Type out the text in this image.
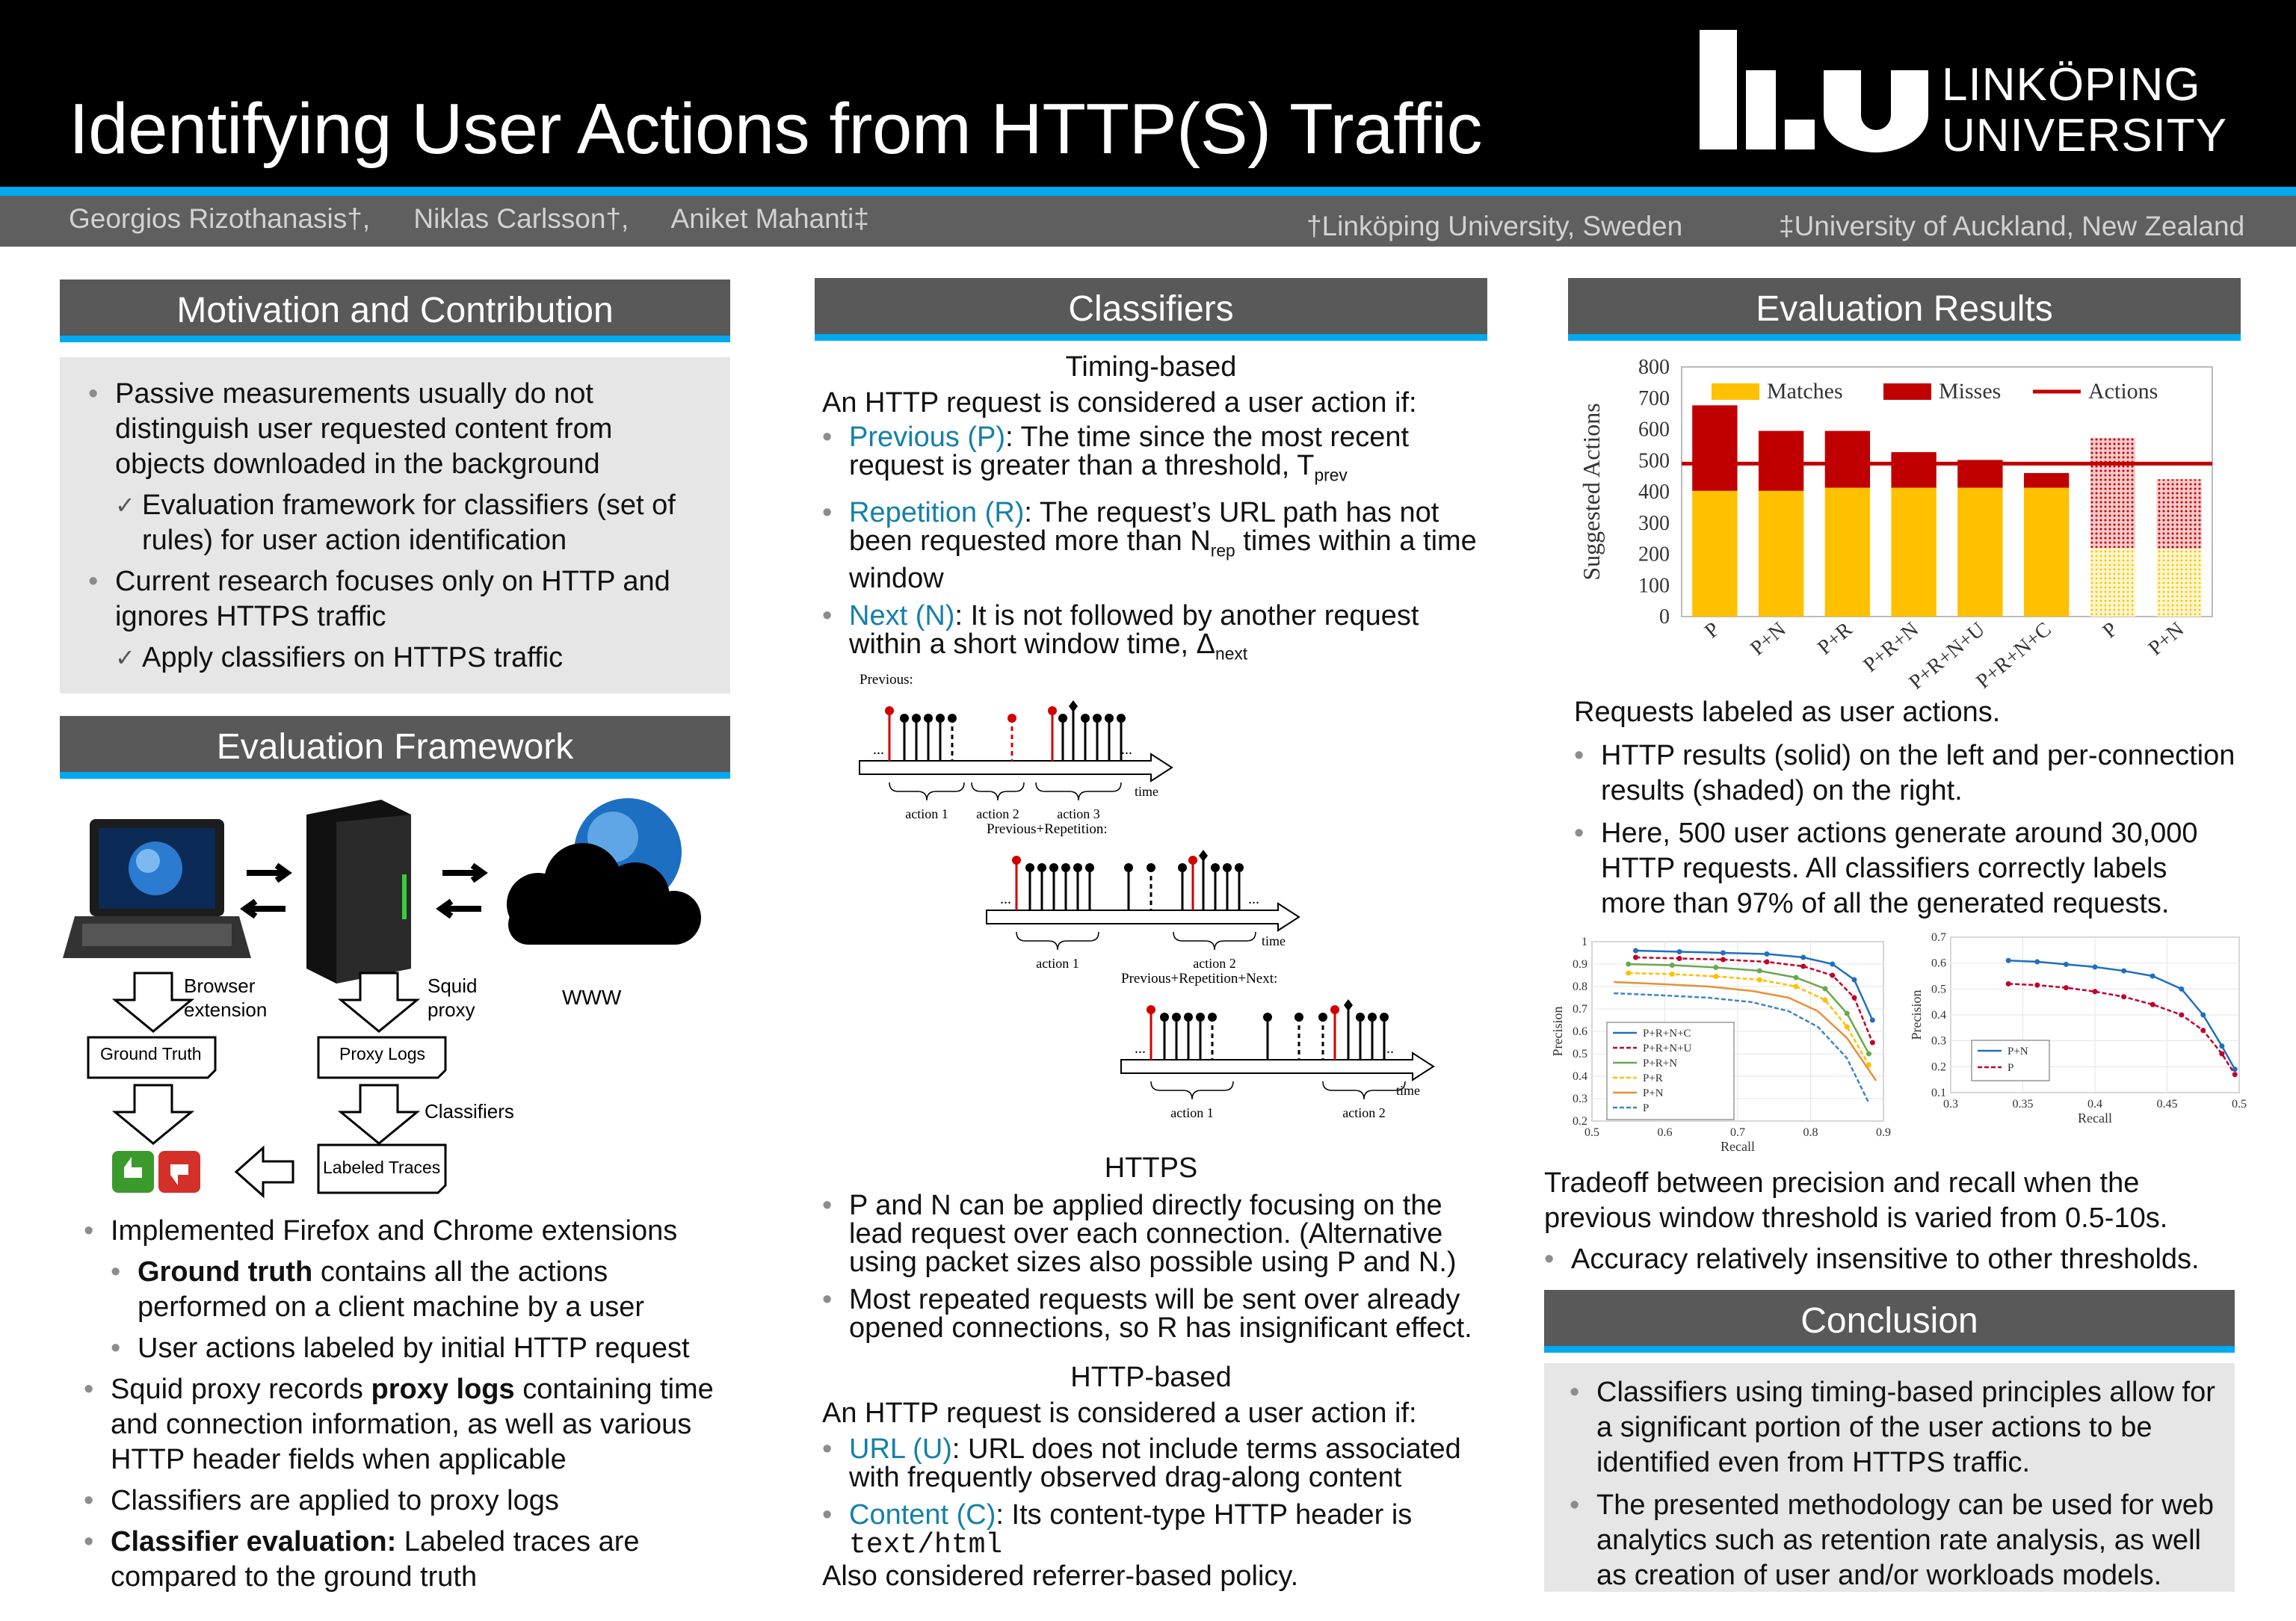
Identifying User Actions from HTTP(S) Traffic
LINKÖPING
UNIVERSITY
Georgios Rizothanasis†, Niklas Carlsson†, Aniket Mahanti‡	†Linköping University, Sweden	‡University of Auckland, New Zealand
Motivation and Contribution
• Passive measurements usually do not distinguish user requested content from objects downloaded in the background
✓ Evaluation framework for classifiers (set of rules) for user action identification
• Current research focuses only on HTTP and ignores HTTPS traffic
✓ Apply classifiers on HTTPS traffic
Evaluation Framework
WWW
Browser extension
Squid proxy
Ground Truth	Proxy Logs
Classifiers
Labeled Traces
• Implemented Firefox and Chrome extensions
• Ground truth contains all the actions performed on a client machine by a user
• User actions labeled by initial HTTP request
• Squid proxy records proxy logs containing time and connection information, as well as various HTTP header fields when applicable
• Classifiers are applied to proxy logs
• Classifier evaluation: Labeled traces are compared to the ground truth
Classifiers
Timing-based
An HTTP request is considered a user action if:
• Previous (P): The time since the most recent request is greater than a threshold, $T_{prev}$
• Repetition (R): The request’s URL path has not been requested more than $N_{rep}$ times within a time window
• Next (N): It is not followed by another request within a short window time, $\Delta_{next}$
Previous:
...	...
time
action 1 action 2	action 3
Previous+Repetition:
...	...
time
action 1	action 2
Previous+Repetition+Next:
...	...
time
action 1	action 2
HTTPS
• P and N can be applied directly focusing on the lead request over each connection. (Alternative using packet sizes also possible using P and N.)
• Most repeated requests will be sent over already opened connections, so R has insignificant effect.
HTTP-based
An HTTP request is considered a user action if:
• URL (U): URL does not include terms associated with frequently observed drag-along content
• Content (C): Its content-type HTTP header is
text/html
Also considered referrer-based policy.
Evaluation Results
0
100
200
300
400
500
600
700
800
Suggested Actions
P P+N P+R P+R+N
P+R+N+U
P+R+N+C P P+N
Matches	Misses	Actions
Requests labeled as user actions.
• HTTP results (solid) on the left and per-connection results (shaded) on the right.
• Here, 500 user actions generate around 30,000 HTTP requests. All classifiers correctly labels more than 97% of all the generated requests.
0.5	0.6	0.7	0.8	0.9
0.2
0.3
0.4
0.5
0.6
0.7
0.8
0.9
1
Recall
Precision	P+R+N+C
P+R+N+U
P+R+N
P+R
P+N
P	0.3	0.35	0.4	0.45	0.5
0.1
0.2
0.3
0.4
0.5
0.6
0.7
Recall
Precision
P+N
P
Tradeoff between precision and recall when the previous window threshold is varied from 0.5-10s.
• Accuracy relatively insensitive to other thresholds.
Conclusion
• Classifiers using timing-based principles allow for a significant portion of the user actions to be identified even from HTTPS traffic.
• The presented methodology can be used for web analytics such as retention rate analysis, as well as creation of user and/or workloads models.
